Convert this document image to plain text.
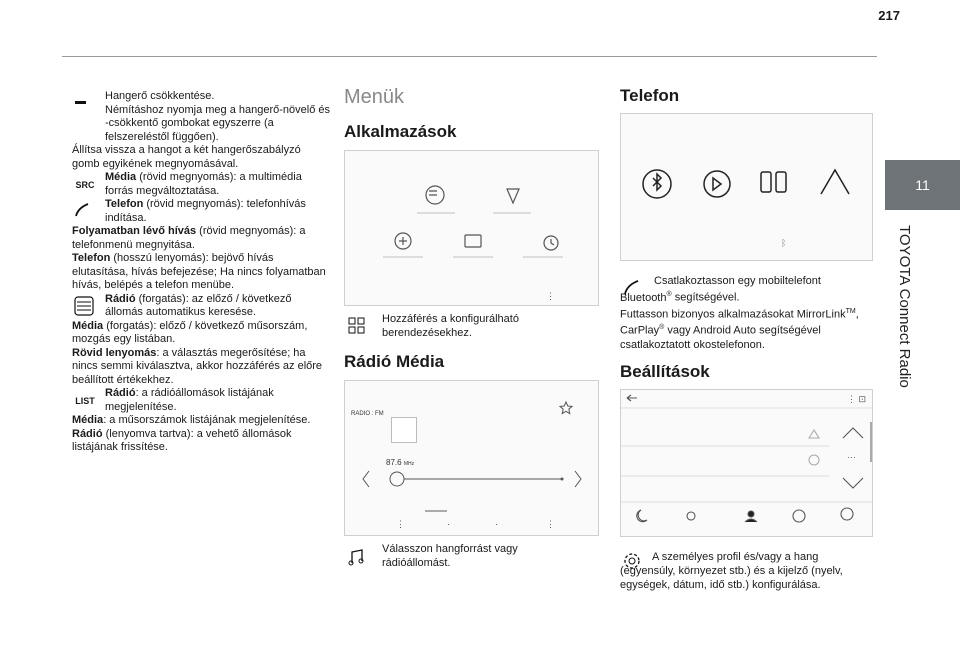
217
11
TOYOTA Connect Radio

Hangerő csökkentése.

Némításhoz nyomja meg a hangerő-növelő és -csökkentő gombokat egyszerre (a felszereléstől függően).

Állítsa vissza a hangot a két hangerőszabályzó gomb egyikének megnyomásával.

SRC

Média (rövid megnyomás): a multimédia forrás megváltoztatása.

Telefon (rövid megnyomás): telefonhívás indítása.

Folyamatban lévő hívás (rövid megnyomás): a telefonmenü megnyitása.

Telefon (hosszú lenyomás): bejövő hívás elutasítása, hívás befejezése; Ha nincs folyamatban hívás, belépés a telefon menübe.

Rádió (forgatás): az előző / következő állomás automatikus keresése.

Média (forgatás): előző / következő műsorszám, mozgás egy listában.

Rövid lenyomás: a választás megerősítése; ha nincs semmi kiválasztva, akkor hozzáférés az előre beállított értékekhez.

LIST

Rádió: a rádióállomások listájának megjelenítése.

Média: a műsorszámok listájának megjelenítése.

Rádió (lenyomva tartva): a vehető állomások listájának frissítése.

Menük
Alkalmazások
⋮
Hozzáférés a konfigurálható berendezésekhez.
Rádió Média
RADIO : FM
87.6 MHz
⋮	·	·	⋮
Válasszon hangforrást vagy rádióállomást.
Telefon
ᛒ
Csatlakoztasson egy mobiltelefont Bluetooth® segítségével.
Futtasson bizonyos alkalmazásokat MirrorLink™, CarPlay® vagy Android Auto segítségével csatlakoztatott okostelefonon.
Beállítások
···
⋮ ⊡
A személyes profil és/vagy a hang (egyensúly, környezet stb.) és a kijelző (nyelv, egységek, dátum, idő stb.) konfigurálása.
